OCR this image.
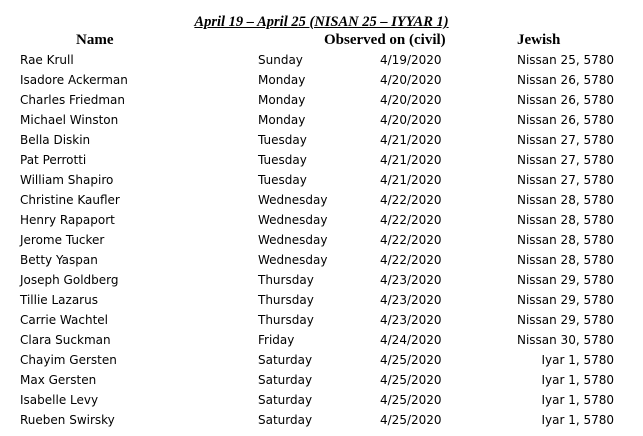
April 19 – April 25 (NISAN 25 – IYYAR 1)
Name	Observed on (civil)	Jewish
Rae Krull	Sunday	4/19/2020	Nissan 25, 5780
Isadore Ackerman	Monday	4/20/2020	Nissan 26, 5780
Charles Friedman	Monday	4/20/2020	Nissan 26, 5780
Michael Winston	Monday	4/20/2020	Nissan 26, 5780
Bella Diskin	Tuesday	4/21/2020	Nissan 27, 5780
Pat Perrotti	Tuesday	4/21/2020	Nissan 27, 5780
William Shapiro	Tuesday	4/21/2020	Nissan 27, 5780
Christine Kaufler	Wednesday	4/22/2020	Nissan 28, 5780
Henry Rapaport	Wednesday	4/22/2020	Nissan 28, 5780
Jerome Tucker	Wednesday	4/22/2020	Nissan 28, 5780
Betty Yaspan	Wednesday	4/22/2020	Nissan 28, 5780
Joseph Goldberg	Thursday	4/23/2020	Nissan 29, 5780
Tillie Lazarus	Thursday	4/23/2020	Nissan 29, 5780
Carrie Wachtel	Thursday	4/23/2020	Nissan 29, 5780
Clara Suckman	Friday	4/24/2020	Nissan 30, 5780
Chayim Gersten	Saturday	4/25/2020	Iyar 1, 5780
Max Gersten	Saturday	4/25/2020	Iyar 1, 5780
Isabelle Levy	Saturday	4/25/2020	Iyar 1, 5780
Rueben Swirsky	Saturday	4/25/2020	Iyar 1, 5780
